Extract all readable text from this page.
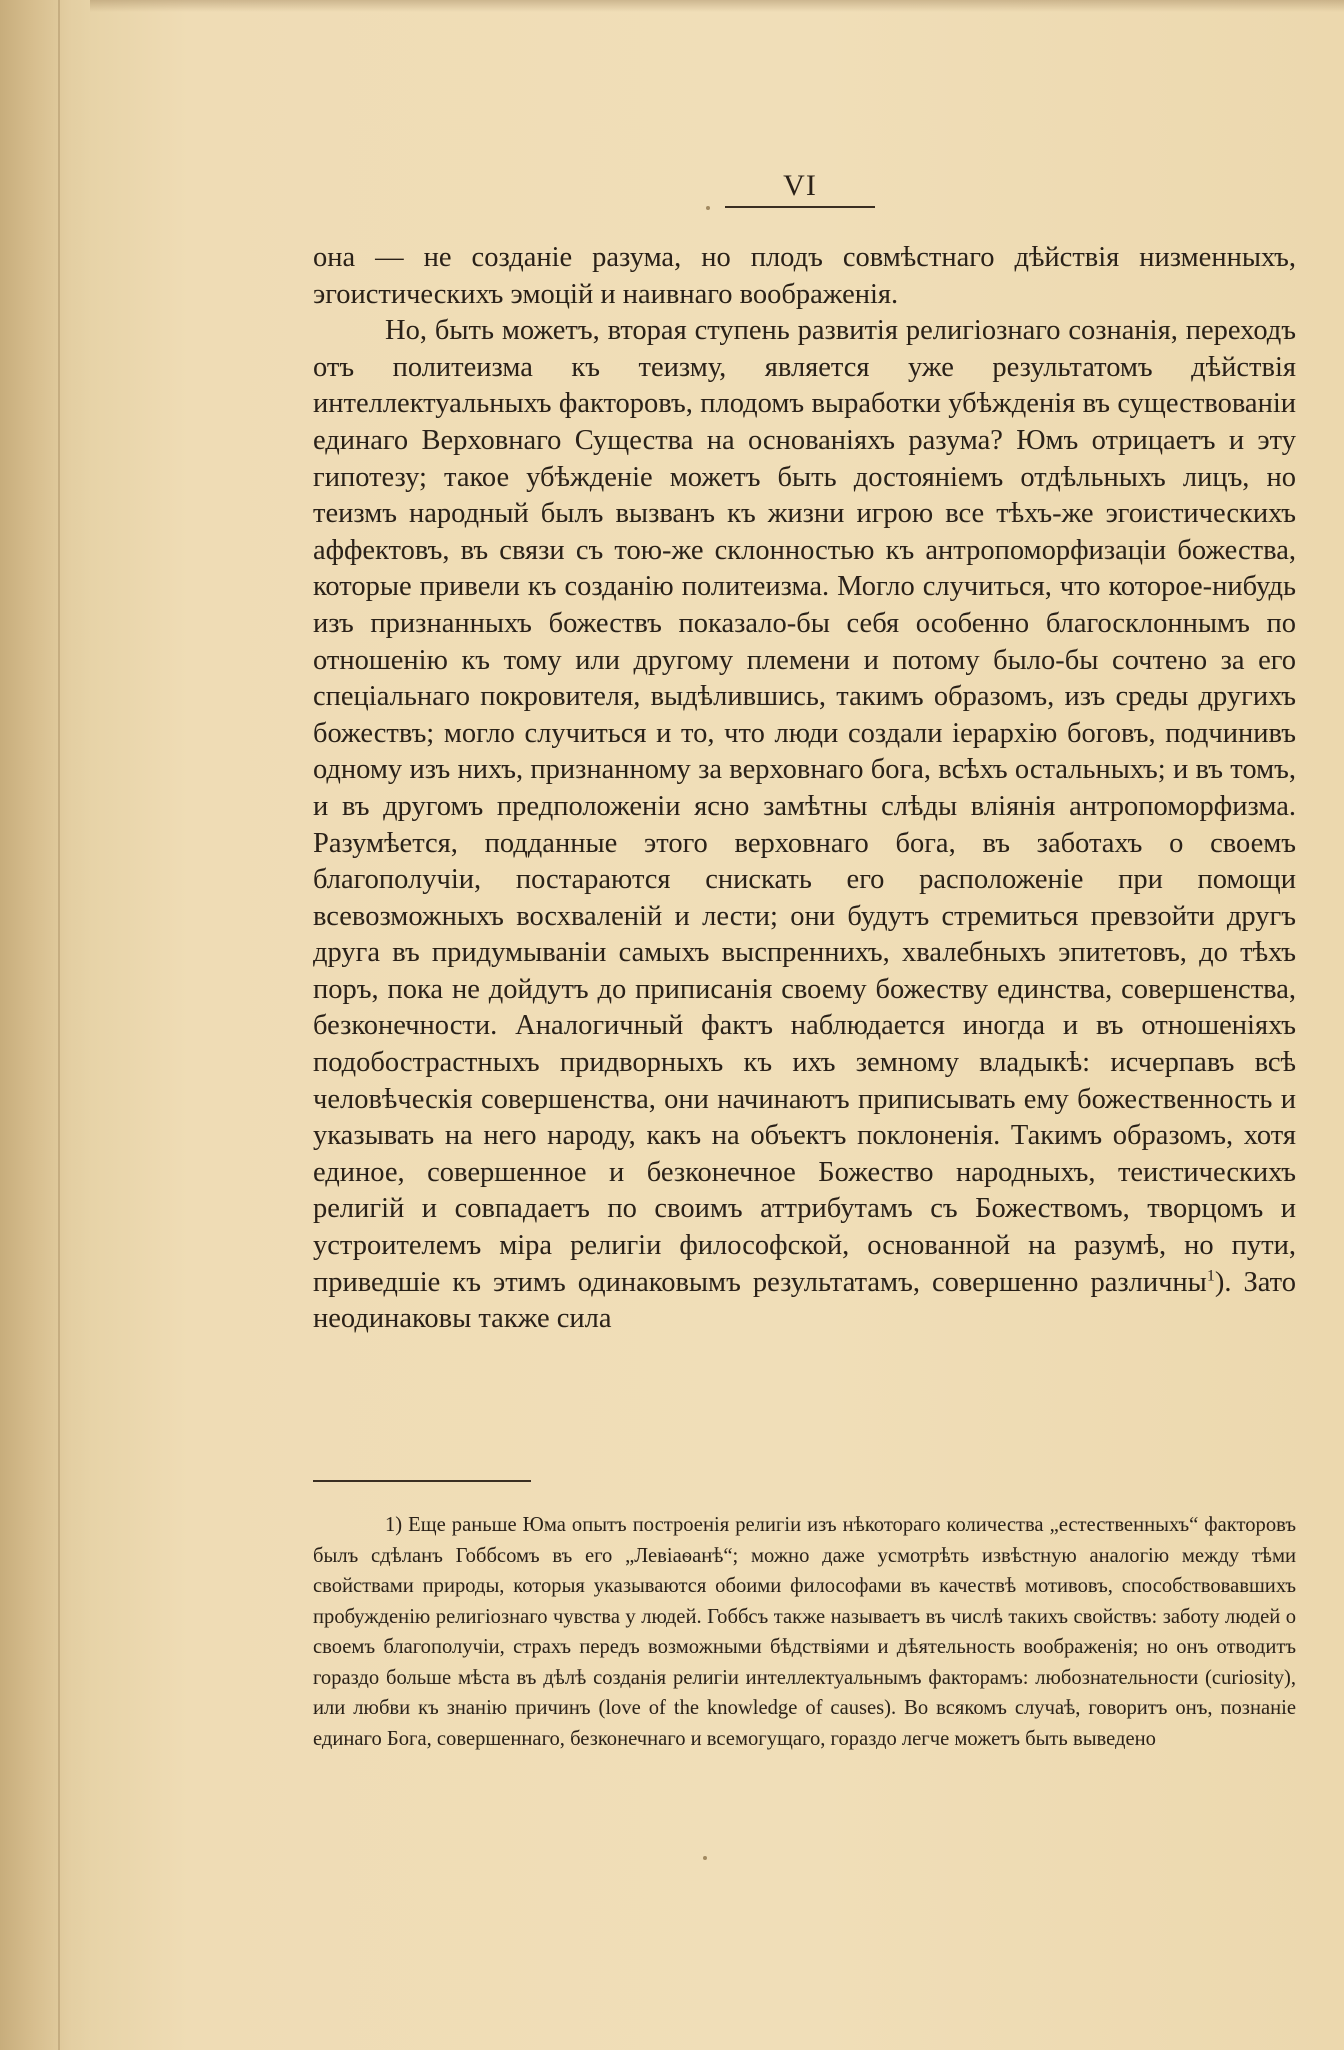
VI

она — не созданіе разума, но плодъ совмѣстнаго дѣйствія низменныхъ, эгоистическихъ эмоцій и наивнаго воображенія.

Но, быть можетъ, вторая ступень развитія религіознаго сознанія, переходъ отъ политеизма къ теизму, является уже результатомъ дѣйствія интеллектуальныхъ факторовъ, плодомъ выработки убѣжденія въ существованіи единаго Верховнаго Существа на основаніяхъ разума? Юмъ отрицаетъ и эту гипотезу; такое убѣжденіе можетъ быть достояніемъ отдѣльныхъ лицъ, но теизмъ народный былъ вызванъ къ жизни игрою все тѣхъ-же эгоистическихъ аффектовъ, въ связи съ тою-же склонностью къ антропоморфизаціи божества, которые привели къ созданію политеизма. Могло случиться, что которое-нибудь изъ признанныхъ божествъ показало-бы себя особенно благосклоннымъ по отношенію къ тому или другому племени и потому было-бы сочтено за его спеціальнаго покровителя, выдѣлившись, такимъ образомъ, изъ среды другихъ божествъ; могло случиться и то, что люди создали іерархію боговъ, подчинивъ одному изъ нихъ, признанному за верховнаго бога, всѣхъ остальныхъ; и въ томъ, и въ другомъ предположеніи ясно замѣтны слѣды вліянія антропоморфизма. Разумѣется, подданные этого верховнаго бога, въ заботахъ о своемъ благополучіи, постараются снискать его расположеніе при помощи всевозможныхъ восхваленій и лести; они будутъ стремиться превзойти другъ друга въ придумываніи самыхъ выспреннихъ, хвалебныхъ эпитетовъ, до тѣхъ поръ, пока не дойдутъ до приписанія своему божеству единства, совершенства, безконечности. Аналогичный фактъ наблюдается иногда и въ отношеніяхъ подобострастныхъ придворныхъ къ ихъ земному владыкѣ: исчерпавъ всѣ человѣческія совершенства, они начинаютъ приписывать ему божественность и указывать на него народу, какъ на объектъ поклоненія. Такимъ образомъ, хотя единое, совершенное и безконечное Божество народныхъ, теистическихъ религій и совпадаетъ по своимъ аттрибутамъ съ Божествомъ, творцомъ и устроителемъ міра религіи философской, основанной на разумѣ, но пути, приведшіе къ этимъ одинаковымъ результатамъ, совершенно различны$^1$). Зато неодинаковы также сила

1) Еще раньше Юма опытъ построенія религіи изъ нѣкотораго количества „естественныхъ“ факторовъ былъ сдѣланъ Гоббсомъ въ его „Левіаѳанѣ“; можно даже усмотрѣть извѣстную аналогію между тѣми свойствами природы, которыя указываются обоими философами въ качествѣ мотивовъ, способствовавшихъ пробужденію религіознаго чувства у людей. Гоббсъ также называетъ въ числѣ такихъ свойствъ: заботу людей о своемъ благополучіи, страхъ передъ возможными бѣдствіями и дѣятельность воображенія; но онъ отводитъ гораздо больше мѣста въ дѣлѣ созданія религіи интеллектуальнымъ факторамъ: любознательности (curiosity), или любви къ знанію причинъ (love of the knowledge of causes). Во всякомъ случаѣ, говоритъ онъ, познаніе единаго Бога, совершеннаго, безконечнаго и всемогущаго, гораздо легче можетъ быть выведено
